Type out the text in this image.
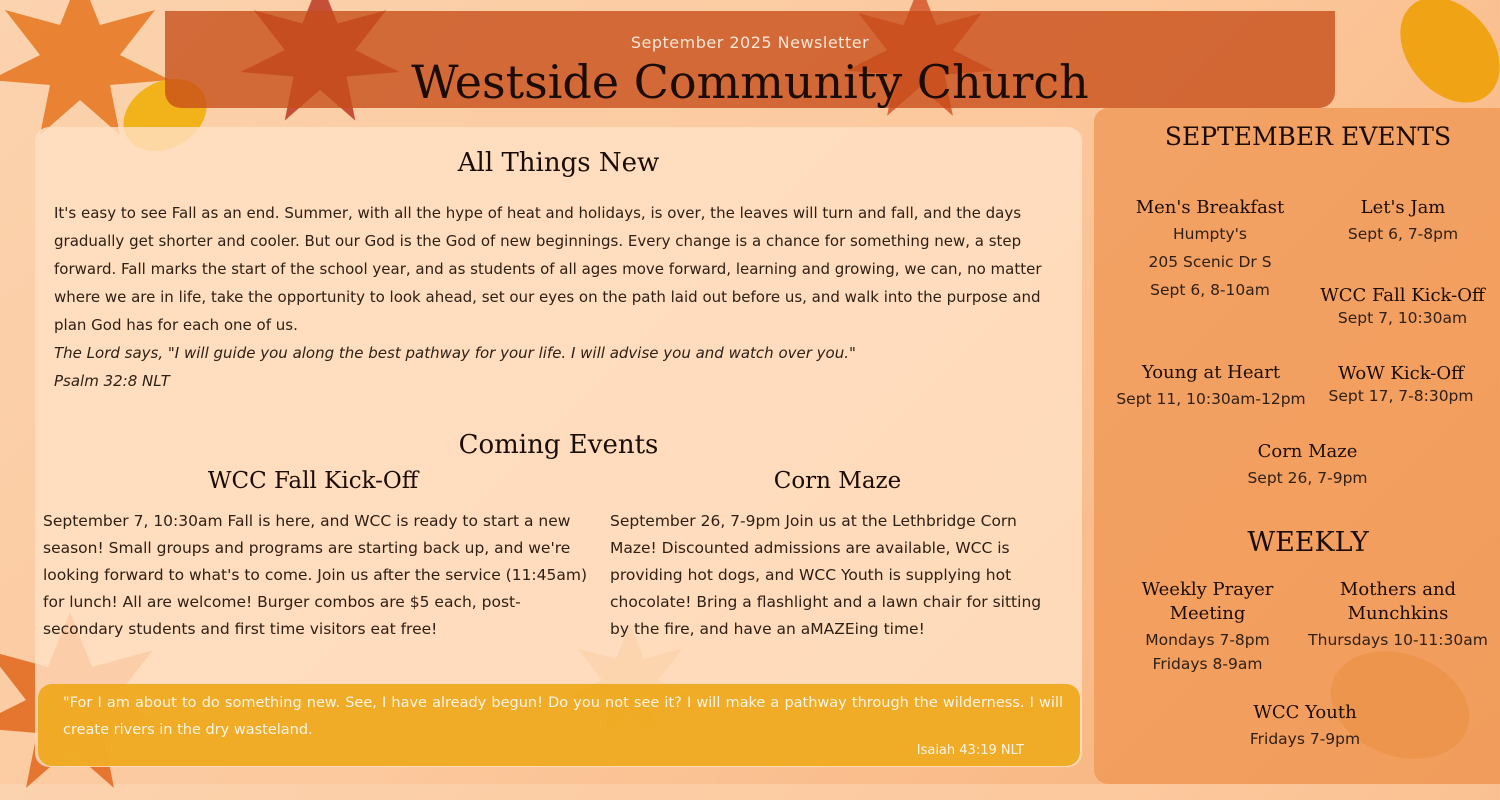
September 2025 Newsletter
Westside Community Church
All Things New
It's easy to see Fall as an end. Summer, with all the hype of heat and holidays, is over, the leaves will turn and fall, and the days gradually get shorter and cooler. But our God is the God of new beginnings. Every change is a chance for something new, a step forward. Fall marks the start of the school year, and as students of all ages move forward, learning and growing, we can, no matter where we are in life, take the opportunity to look ahead, set our eyes on the path laid out before us, and walk into the purpose and plan God has for each one of us.
The Lord says, "I will guide you along the best pathway for your life. I will advise you and watch over you."
Psalm 32:8 NLT
Coming Events
WCC Fall Kick-Off
September 7, 10:30am Fall is here, and WCC is ready to start a new season! Small groups and programs are starting back up, and we're looking forward to what's to come. Join us after the service (11:45am) for lunch! All are welcome! Burger combos are $5 each, post-secondary students and first time visitors eat free!
Corn Maze
September 26, 7-9pm Join us at the Lethbridge Corn Maze! Discounted admissions are available, WCC is providing hot dogs, and WCC Youth is supplying hot chocolate! Bring a flashlight and a lawn chair for sitting by the fire, and have an aMAZEing time!
"For I am about to do something new. See, I have already begun! Do you not see it? I will make a pathway through the wilderness. I will create rivers in the dry wasteland.
Isaiah 43:19 NLT
SEPTEMBER EVENTS
Men's Breakfast
Humpty's
205 Scenic Dr S
Sept 6, 8-10am
Let's Jam
Sept 6, 7-8pm
WCC Fall Kick-Off
Sept 7, 10:30am
Young at Heart
Sept 11, 10:30am-12pm
WoW Kick-Off
Sept 17, 7-8:30pm
Corn Maze
Sept 26, 7-9pm
WEEKLY
Weekly Prayer
Meeting
Mondays 7-8pm
Fridays 8-9am
Mothers and
Munchkins
Thursdays 10-11:30am
WCC Youth
Fridays 7-9pm
